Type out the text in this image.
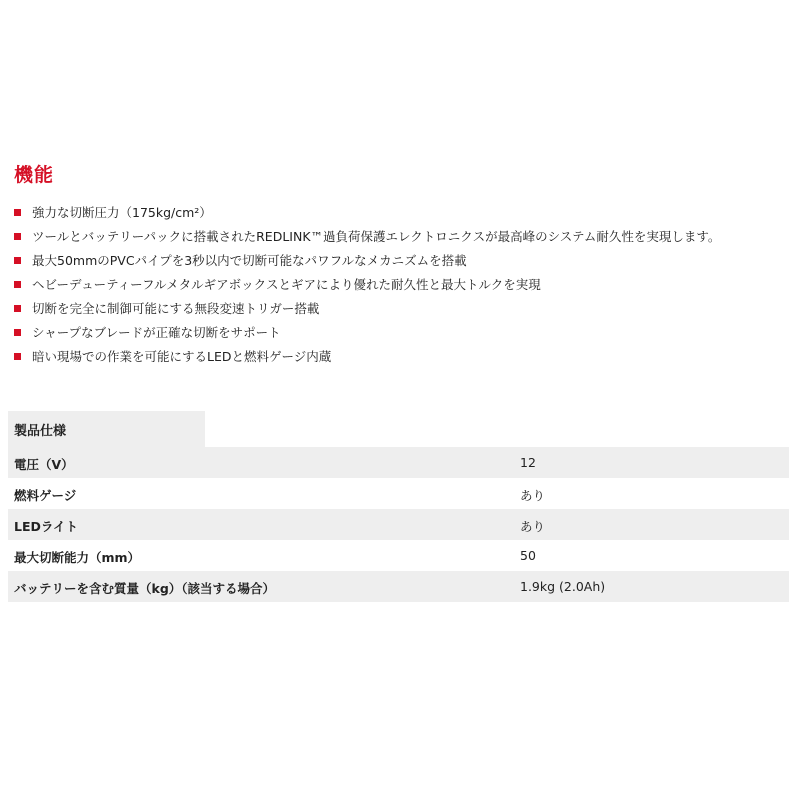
機能
強力な切断圧力（175kg/cm²）
ツールとバッテリーパックに搭載されたREDLINK™過負荷保護エレクトロニクスが最高峰のシステム耐久性を実現します。
最大50mmのPVCパイプを3秒以内で切断可能なパワフルなメカニズムを搭載
ヘビーデューティーフルメタルギアボックスとギアにより優れた耐久性と最大トルクを実現
切断を完全に制御可能にする無段変速トリガー搭載
シャープなブレードが正確な切断をサポート
暗い現場での作業を可能にするLEDと燃料ゲージ内蔵
製品仕様
電圧（V）	12
燃料ゲージ	あり
LEDライト	あり
最大切断能力（mm）	50
バッテリーを含む質量（kg）（該当する場合）	1.9kg (2.0Ah)
